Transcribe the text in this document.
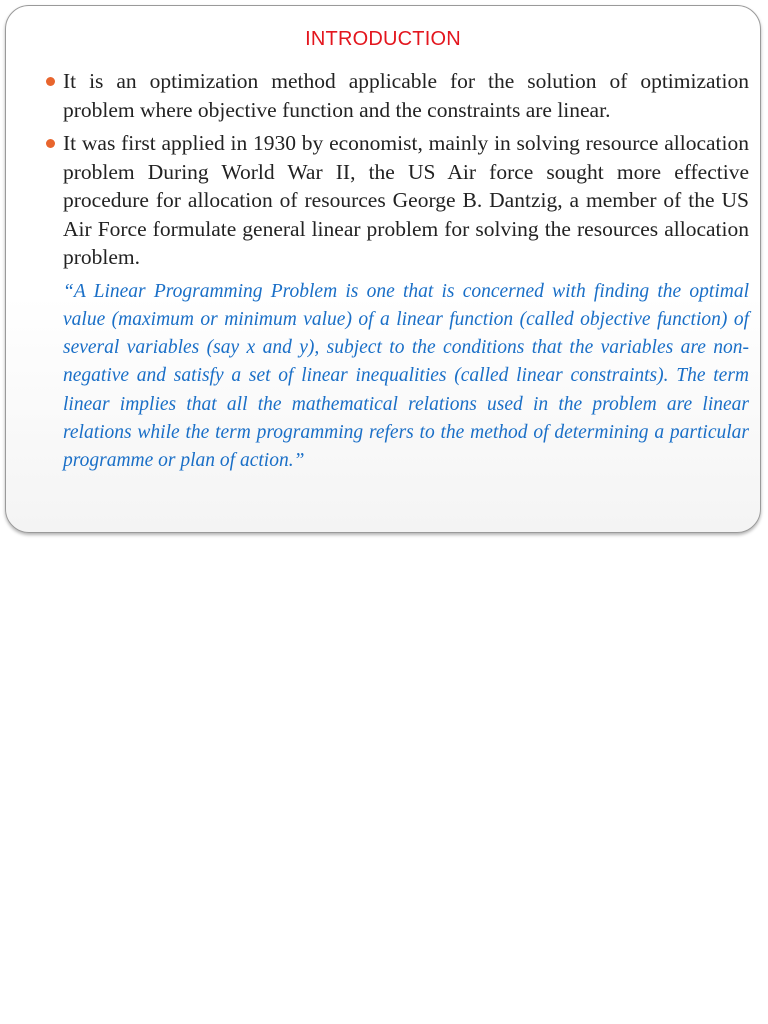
INTRODUCTION

It is an optimization method applicable for the solution of optimization problem where objective function and the constraints are linear.

It was first applied in 1930 by economist, mainly in solving resource allocation problem During World War II, the US Air force sought more effective procedure for allocation of resources George B. Dantzig, a member of the US Air Force formulate general linear problem for solving the resources allocation problem.

“A Linear Programming Problem is one that is concerned with finding the optimal value (maximum or minimum value) of a linear function (called objective function) of several variables (say x and y), subject to the conditions that the variables are non-negative and satisfy a set of linear inequalities (called linear constraints). The term linear implies that all the mathematical relations used in the problem are linear relations while the term programming refers to the method of determining a particular programme or plan of action.”
